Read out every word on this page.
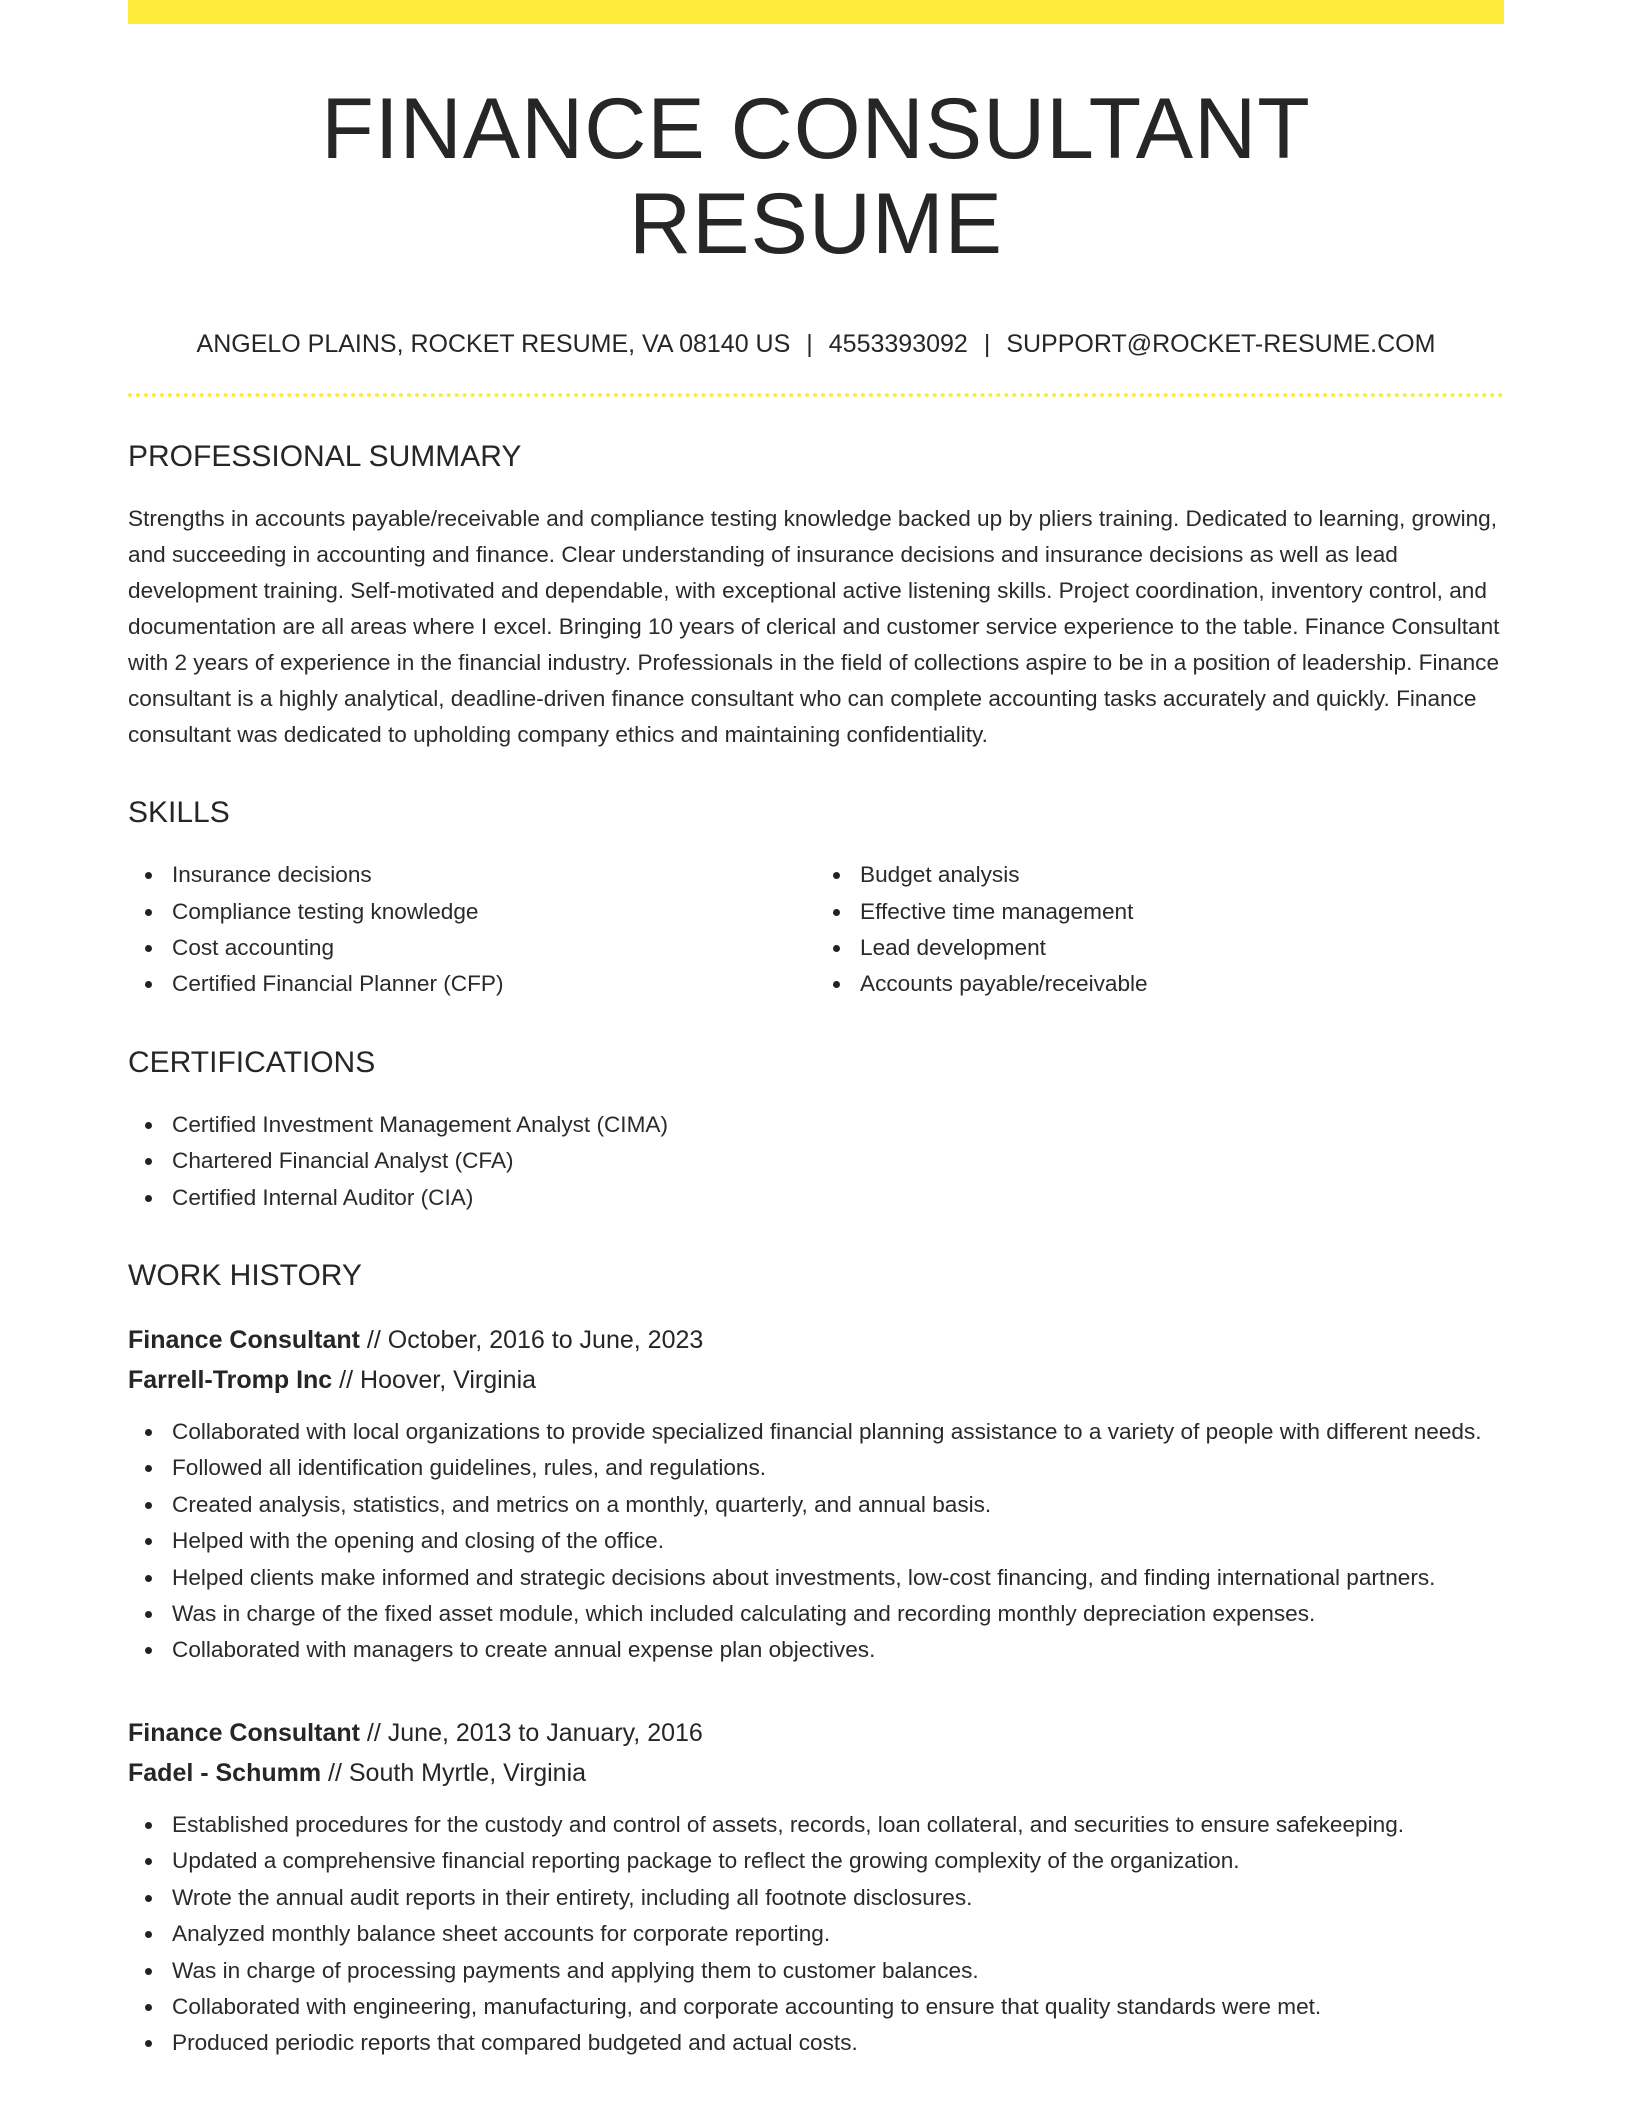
FINANCE CONSULTANT RESUME
ANGELO PLAINS, ROCKET RESUME, VA 08140 US | 4553393092 | SUPPORT@ROCKET-RESUME.COM
PROFESSIONAL SUMMARY

Strengths in accounts payable/receivable and compliance testing knowledge backed up by pliers training. Dedicated to learning, growing, and succeeding in accounting and finance. Clear understanding of insurance decisions and insurance decisions as well as lead development training. Self-motivated and dependable, with exceptional active listening skills. Project coordination, inventory control, and documentation are all areas where I excel. Bringing 10 years of clerical and customer service experience to the table. Finance Consultant with 2 years of experience in the financial industry. Professionals in the field of collections aspire to be in a position of leadership. Finance consultant is a highly analytical, deadline-driven finance consultant who can complete accounting tasks accurately and quickly. Finance consultant was dedicated to upholding company ethics and maintaining confidentiality.

SKILLS
Insurance decisions
Compliance testing knowledge
Cost accounting
Certified Financial Planner (CFP)
Budget analysis
Effective time management
Lead development
Accounts payable/receivable
CERTIFICATIONS
Certified Investment Management Analyst (CIMA)
Chartered Financial Analyst (CFA)
Certified Internal Auditor (CIA)
WORK HISTORY
Finance Consultant // October, 2016 to June, 2023
Farrell-Tromp Inc // Hoover, Virginia
Collaborated with local organizations to provide specialized financial planning assistance to a variety of people with different needs.
Followed all identification guidelines, rules, and regulations.
Created analysis, statistics, and metrics on a monthly, quarterly, and annual basis.
Helped with the opening and closing of the office.
Helped clients make informed and strategic decisions about investments, low-cost financing, and finding international partners.
Was in charge of the fixed asset module, which included calculating and recording monthly depreciation expenses.
Collaborated with managers to create annual expense plan objectives.
Finance Consultant // June, 2013 to January, 2016
Fadel - Schumm // South Myrtle, Virginia
Established procedures for the custody and control of assets, records, loan collateral, and securities to ensure safekeeping.
Updated a comprehensive financial reporting package to reflect the growing complexity of the organization.
Wrote the annual audit reports in their entirety, including all footnote disclosures.
Analyzed monthly balance sheet accounts for corporate reporting.
Was in charge of processing payments and applying them to customer balances.
Collaborated with engineering, manufacturing, and corporate accounting to ensure that quality standards were met.
Produced periodic reports that compared budgeted and actual costs.
